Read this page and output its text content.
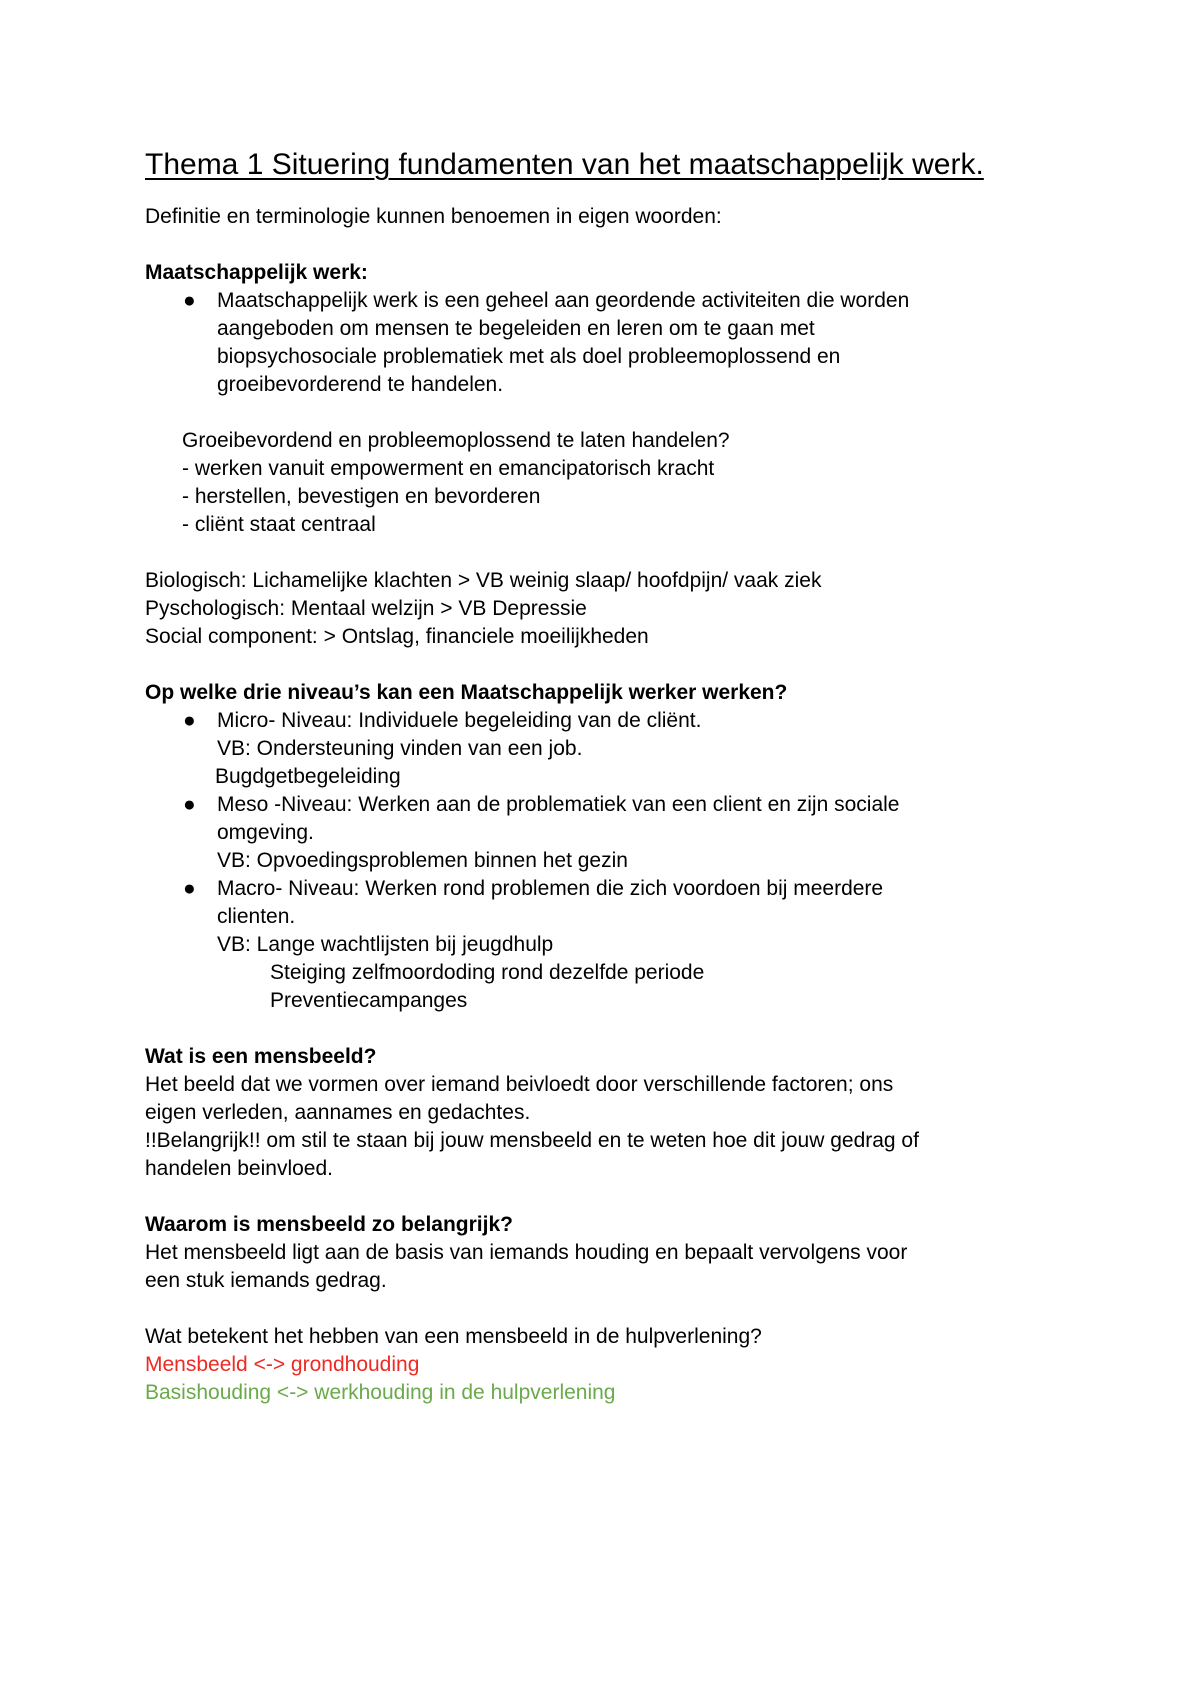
Thema 1 Situering fundamenten van het maatschappelijk werk.
Definitie en terminologie kunnen benoemen in eigen woorden:
Maatschappelijk werk:
● Maatschappelijk werk is een geheel aan geordende activiteiten die worden
aangeboden om mensen te begeleiden en leren om te gaan met
biopsychosociale problematiek met als doel probleemoplossend en
groeibevorderend te handelen.
Groeibevordend en probleemoplossend te laten handelen?
- werken vanuit empowerment en emancipatorisch kracht
- herstellen, bevestigen en bevorderen
- cliënt staat centraal
Biologisch: Lichamelijke klachten > VB weinig slaap/ hoofdpijn/ vaak ziek
Pyschologisch: Mentaal welzijn > VB Depressie
Social component: > Ontslag, financiele moeilijkheden
Op welke drie niveau’s kan een Maatschappelijk werker werken?
● Micro- Niveau: Individuele begeleiding van de cliënt.
VB: Ondersteuning vinden van een job.
Bugdgetbegeleiding
● Meso -Niveau: Werken aan de problematiek van een client en zijn sociale
omgeving.
VB: Opvoedingsproblemen binnen het gezin
● Macro- Niveau: Werken rond problemen die zich voordoen bij meerdere
clienten.
VB: Lange wachtlijsten bij jeugdhulp
Steiging zelfmoordoding rond dezelfde periode
Preventiecampanges
Wat is een mensbeeld?
Het beeld dat we vormen over iemand beivloedt door verschillende factoren; ons
eigen verleden, aannames en gedachtes.
!!Belangrijk!! om stil te staan bij jouw mensbeeld en te weten hoe dit jouw gedrag of
handelen beinvloed.
Waarom is mensbeeld zo belangrijk?
Het mensbeeld ligt aan de basis van iemands houding en bepaalt vervolgens voor
een stuk iemands gedrag.
Wat betekent het hebben van een mensbeeld in de hulpverlening?
Mensbeeld <-> grondhouding
Basishouding <-> werkhouding in de hulpverlening
